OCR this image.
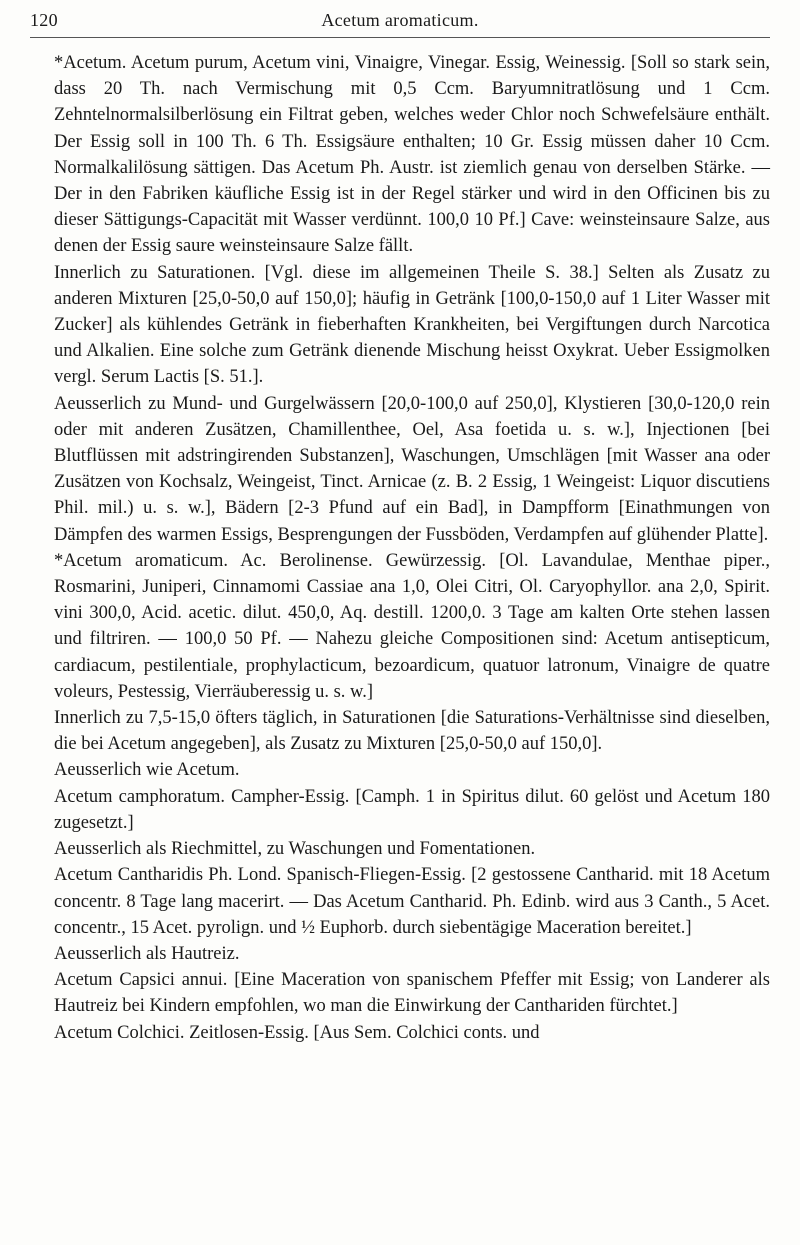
120	Acetum aromaticum.

*Acetum. Acetum purum, Acetum vini, Vinaigre, Vinegar. Essig, Weinessig. [Soll so stark sein, dass 20 Th. nach Vermischung mit 0,5 Ccm. Baryumnitratlösung und 1 Ccm. Zehntelnormalsilberlösung ein Filtrat geben, welches weder Chlor noch Schwefelsäure enthält. Der Essig soll in 100 Th. 6 Th. Essigsäure enthalten; 10 Gr. Essig müssen daher 10 Ccm. Normalkalilösung sättigen. Das Acetum Ph. Austr. ist ziemlich genau von derselben Stärke. — Der in den Fabriken käufliche Essig ist in der Regel stärker und wird in den Officinen bis zu dieser Sättigungs-Capacität mit Wasser verdünnt. 100,0 10 Pf.] Cave: weinsteinsaure Salze, aus denen der Essig saure weinsteinsaure Salze fällt.

Innerlich zu Saturationen. [Vgl. diese im allgemeinen Theile S. 38.] Selten als Zusatz zu anderen Mixturen [25,0-50,0 auf 150,0]; häufig in Getränk [100,0-150,0 auf 1 Liter Wasser mit Zucker] als kühlendes Getränk in fieberhaften Krankheiten, bei Vergiftungen durch Narcotica und Alkalien. Eine solche zum Getränk dienende Mischung heisst Oxykrat. Ueber Essigmolken vergl. Serum Lactis [S. 51.].

Aeusserlich zu Mund- und Gurgelwässern [20,0-100,0 auf 250,0], Klystieren [30,0-120,0 rein oder mit anderen Zusätzen, Chamillenthee, Oel, Asa foetida u. s. w.], Injectionen [bei Blutflüssen mit adstringirenden Substanzen], Waschungen, Umschlägen [mit Wasser ana oder Zusätzen von Kochsalz, Weingeist, Tinct. Arnicae (z. B. 2 Essig, 1 Weingeist: Liquor discutiens Phil. mil.) u. s. w.], Bädern [2-3 Pfund auf ein Bad], in Dampfform [Einathmungen von Dämpfen des warmen Essigs, Besprengungen der Fussböden, Verdampfen auf glühender Platte].

*Acetum aromaticum. Ac. Berolinense. Gewürzessig. [Ol. Lavandulae, Menthae piper., Rosmarini, Juniperi, Cinnamomi Cassiae ana 1,0, Olei Citri, Ol. Caryophyllor. ana 2,0, Spirit. vini 300,0, Acid. acetic. dilut. 450,0, Aq. destill. 1200,0. 3 Tage am kalten Orte stehen lassen und filtriren. — 100,0 50 Pf. — Nahezu gleiche Compositionen sind: Acetum antisepticum, cardiacum, pestilentiale, prophylacticum, bezoardicum, quatuor latronum, Vinaigre de quatre voleurs, Pestessig, Vierräuberessig u. s. w.]

Innerlich zu 7,5-15,0 öfters täglich, in Saturationen [die Saturations-Verhältnisse sind dieselben, die bei Acetum angegeben], als Zusatz zu Mixturen [25,0-50,0 auf 150,0].

Aeusserlich wie Acetum.

Acetum camphoratum. Campher-Essig. [Camph. 1 in Spiritus dilut. 60 gelöst und Acetum 180 zugesetzt.]

Aeusserlich als Riechmittel, zu Waschungen und Fomentationen.

Acetum Cantharidis Ph. Lond. Spanisch-Fliegen-Essig. [2 gestossene Cantharid. mit 18 Acetum concentr. 8 Tage lang macerirt. — Das Acetum Cantharid. Ph. Edinb. wird aus 3 Canth., 5 Acet. concentr., 15 Acet. pyrolign. und ½ Euphorb. durch siebentägige Maceration bereitet.]

Aeusserlich als Hautreiz.

Acetum Capsici annui. [Eine Maceration von spanischem Pfeffer mit Essig; von Landerer als Hautreiz bei Kindern empfohlen, wo man die Einwirkung der Canthariden fürchtet.]

Acetum Colchici. Zeitlosen-Essig. [Aus Sem. Colchici conts. und
